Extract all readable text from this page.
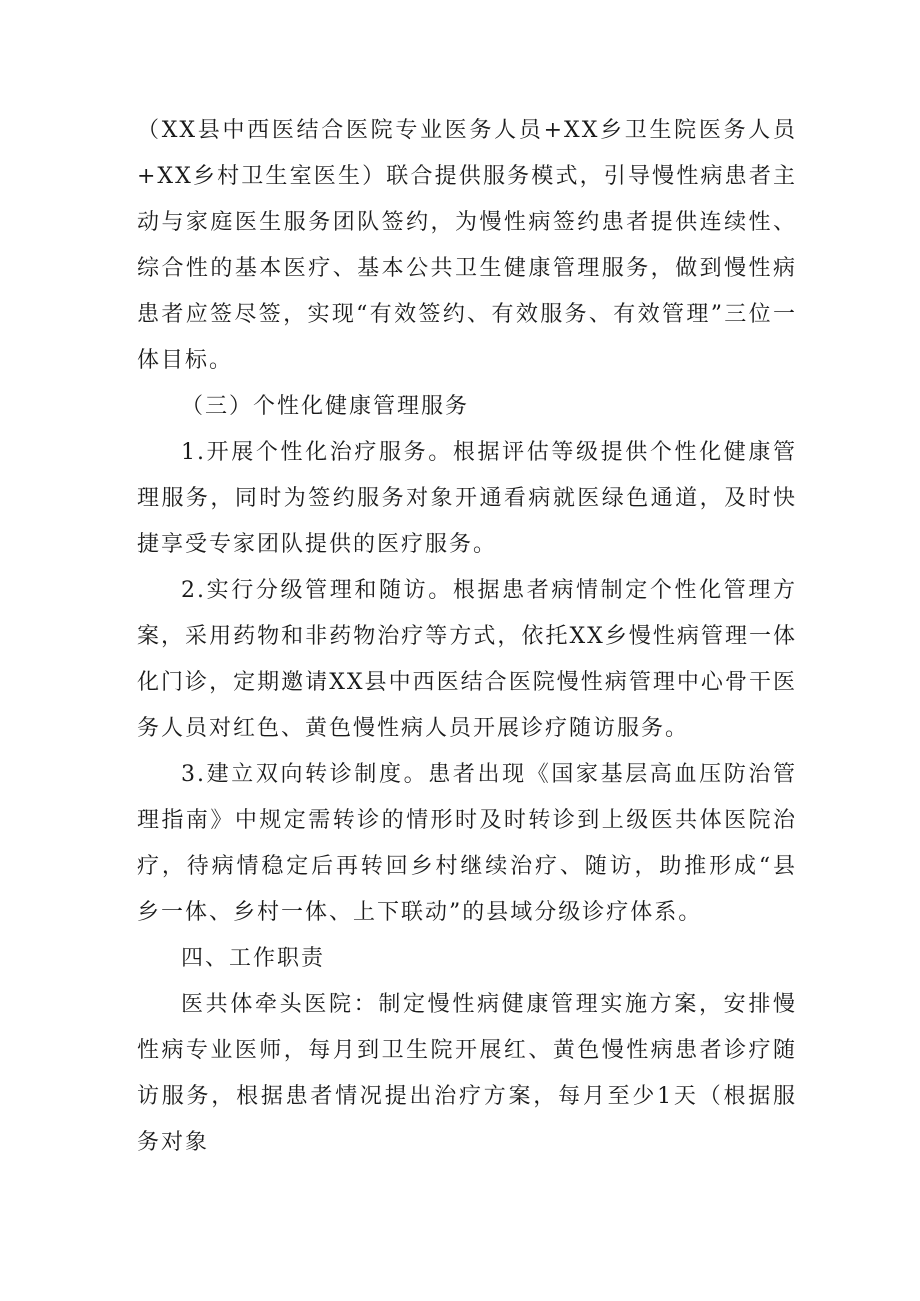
（XX县中西医结合医院专业医务人员+XX乡卫生院医务人员+XX乡村卫生室医生）联合提供服务模式，引导慢性病患者主动与家庭医生服务团队签约，为慢性病签约患者提供连续性、综合性的基本医疗、基本公共卫生健康管理服务，做到慢性病患者应签尽签，实现“有效签约、有效服务、有效管理”三位一体目标。

（三）个性化健康管理服务

1.开展个性化治疗服务。根据评估等级提供个性化健康管理服务，同时为签约服务对象开通看病就医绿色通道，及时快捷享受专家团队提供的医疗服务。

2.实行分级管理和随访。根据患者病情制定个性化管理方案，采用药物和非药物治疗等方式，依托XX乡慢性病管理一体化门诊，定期邀请XX县中西医结合医院慢性病管理中心骨干医务人员对红色、黄色慢性病人员开展诊疗随访服务。

3.建立双向转诊制度。患者出现《国家基层高血压防治管理指南》中规定需转诊的情形时及时转诊到上级医共体医院治疗，待病情稳定后再转回乡村继续治疗、随访，助推形成“县乡一体、乡村一体、上下联动”的县域分级诊疗体系。

四、工作职责

医共体牵头医院：制定慢性病健康管理实施方案，安排慢性病专业医师，每月到卫生院开展红、黄色慢性病患者诊疗随访服务，根据患者情况提出治疗方案，每月至少1天（根据服务对象
